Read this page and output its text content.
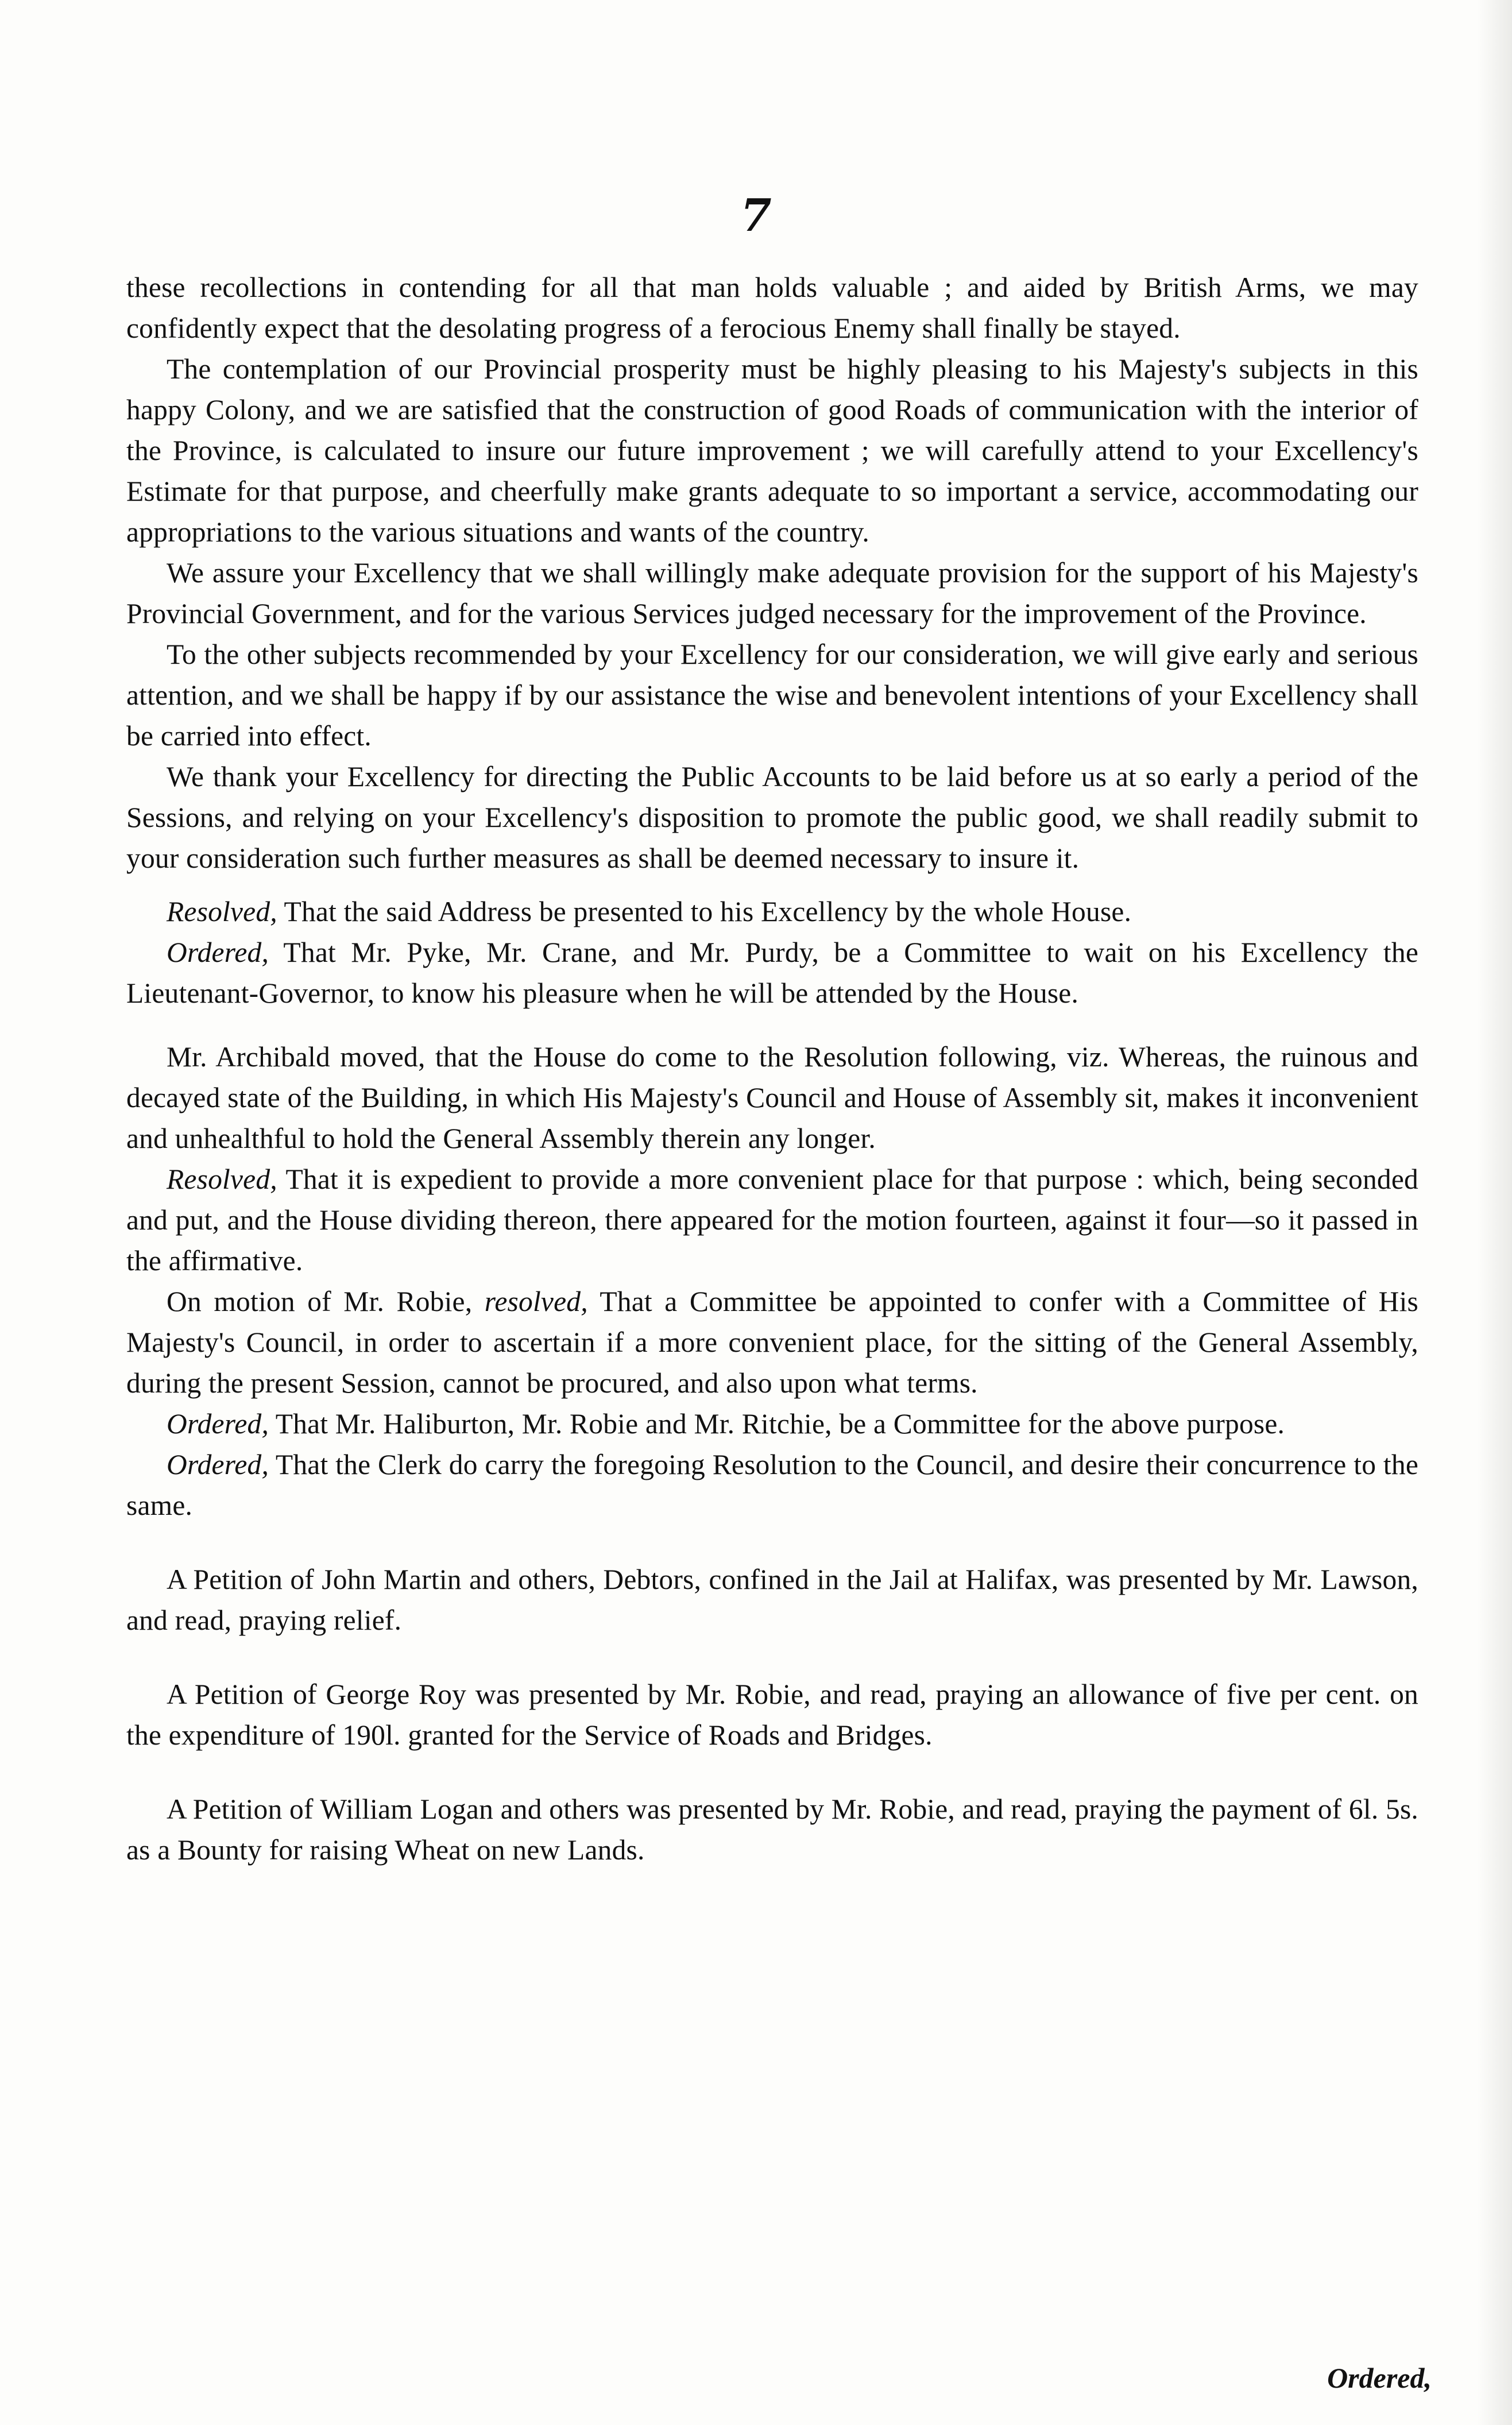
7

these recollections in contending for all that man holds valuable ; and aided by British Arms, we may confidently expect that the desolating progress of a ferocious Enemy shall finally be stayed.

The contemplation of our Provincial prosperity must be highly pleasing to his Majesty's subjects in this happy Colony, and we are satisfied that the construction of good Roads of communication with the interior of the Province, is calculated to insure our future improvement ; we will carefully attend to your Excellency's Estimate for that purpose, and cheerfully make grants adequate to so important a service, accommodating our appropriations to the various situations and wants of the country.

We assure your Excellency that we shall willingly make adequate provision for the support of his Majesty's Provincial Government, and for the various Services judged necessary for the improvement of the Province.

To the other subjects recommended by your Excellency for our consideration, we will give early and serious attention, and we shall be happy if by our assistance the wise and benevolent intentions of your Excellency shall be carried into effect.

We thank your Excellency for directing the Public Accounts to be laid before us at so early a period of the Sessions, and relying on your Excellency's disposition to promote the public good, we shall readily submit to your consideration such further measures as shall be deemed necessary to insure it.

Resolved, That the said Address be presented to his Excellency by the whole House.

Ordered, That Mr. Pyke, Mr. Crane, and Mr. Purdy, be a Committee to wait on his Excellency the Lieutenant-Governor, to know his pleasure when he will be attended by the House.

Mr. Archibald moved, that the House do come to the Resolution following, viz. Whereas, the ruinous and decayed state of the Building, in which His Majesty's Council and House of Assembly sit, makes it inconvenient and unhealthful to hold the General Assembly therein any longer.

Resolved, That it is expedient to provide a more convenient place for that purpose : which, being seconded and put, and the House dividing thereon, there appeared for the motion fourteen, against it four—so it passed in the affirmative.

On motion of Mr. Robie, resolved, That a Committee be appointed to confer with a Committee of His Majesty's Council, in order to ascertain if a more convenient place, for the sitting of the General Assembly, during the present Session, cannot be procured, and also upon what terms.

Ordered, That Mr. Haliburton, Mr. Robie and Mr. Ritchie, be a Committee for the above purpose.

Ordered, That the Clerk do carry the foregoing Resolution to the Council, and desire their concurrence to the same.

A Petition of John Martin and others, Debtors, confined in the Jail at Halifax, was presented by Mr. Lawson, and read, praying relief.

A Petition of George Roy was presented by Mr. Robie, and read, praying an allowance of five per cent. on the expenditure of 190l. granted for the Service of Roads and Bridges.

A Petition of William Logan and others was presented by Mr. Robie, and read, praying the payment of 6l. 5s. as a Bounty for raising Wheat on new Lands.

Ordered,
